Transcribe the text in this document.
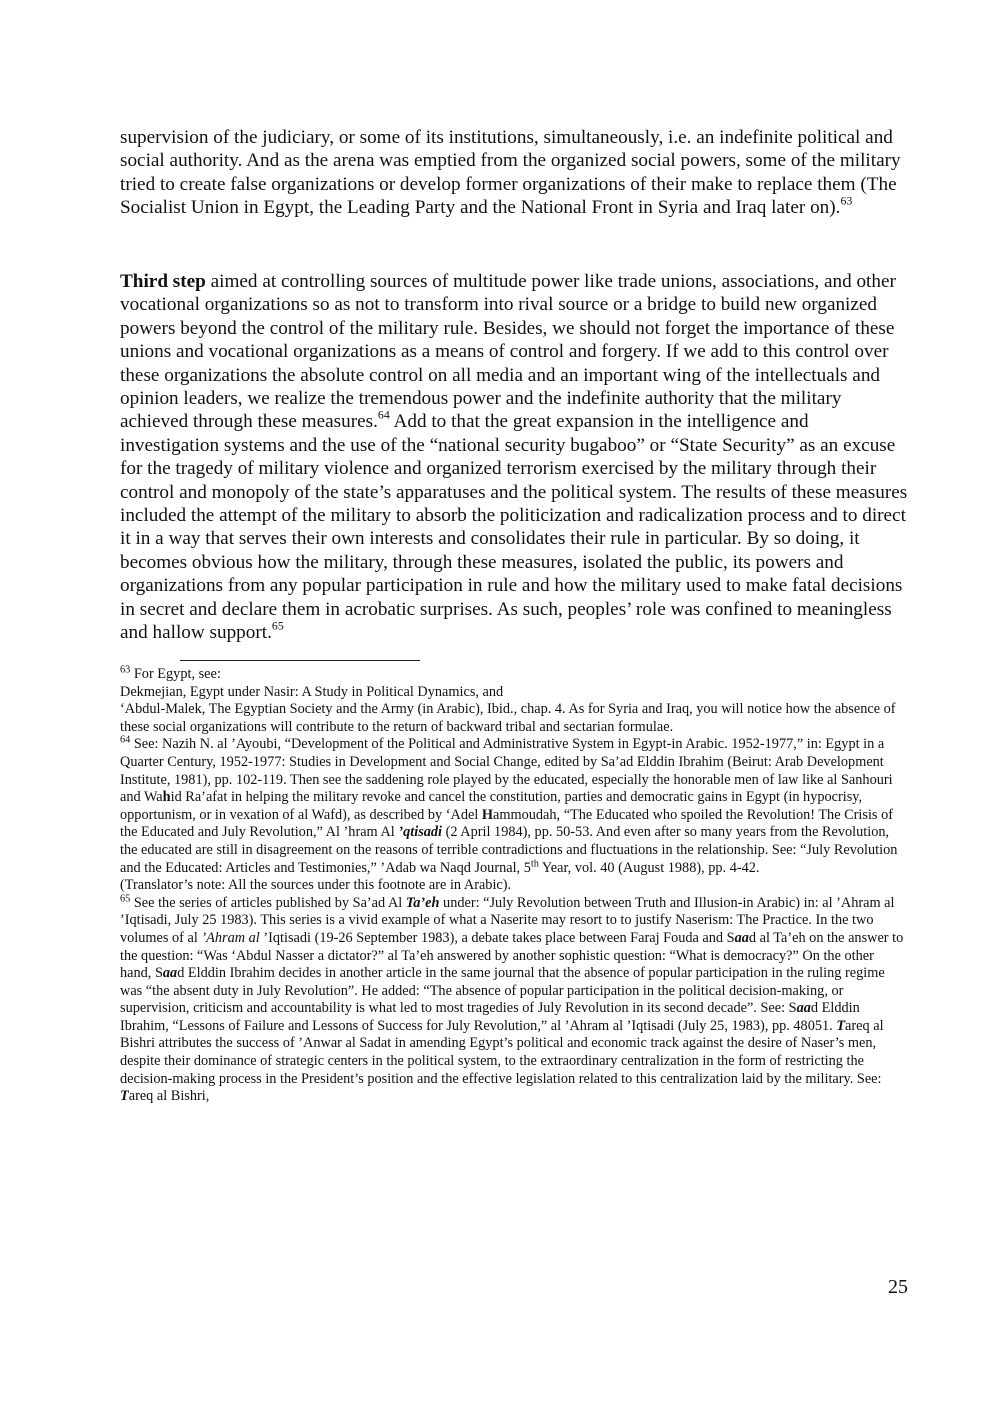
supervision of the judiciary, or some of its institutions, simultaneously, i.e. an indefinite political and social authority. And as the arena was emptied from the organized social powers, some of the military tried to create false organizations or develop former organizations of their make to replace them (The Socialist Union in Egypt, the Leading Party and the National Front in Syria and Iraq later on).$^{63}$

Third step aimed at controlling sources of multitude power like trade unions, associations, and other vocational organizations so as not to transform into rival source or a bridge to build new organized powers beyond the control of the military rule. Besides, we should not forget the importance of these unions and vocational organizations as a means of control and forgery. If we add to this control over these organizations the absolute control on all media and an important wing of the intellectuals and opinion leaders, we realize the tremendous power and the indefinite authority that the military achieved through these measures.$^{64}$ Add to that the great expansion in the intelligence and investigation systems and the use of the “national security bugaboo” or “State Security” as an excuse for the tragedy of military violence and organized terrorism exercised by the military through their control and monopoly of the state’s apparatuses and the political system. The results of these measures included the attempt of the military to absorb the politicization and radicalization process and to direct it in a way that serves their own interests and consolidates their rule in particular. By so doing, it becomes obvious how the military, through these measures, isolated the public, its powers and organizations from any popular participation in rule and how the military used to make fatal decisions in secret and declare them in acrobatic surprises. As such, peoples’ role was confined to meaningless and hallow support.$^{65}$

$^{63}$ For Egypt, see:

Dekmejian, Egypt under Nasir: A Study in Political Dynamics, and

‘Abdul-Malek, The Egyptian Society and the Army (in Arabic), Ibid., chap. 4. As for Syria and Iraq, you will notice how the absence of these social organizations will contribute to the return of backward tribal and sectarian formulae.

$^{64}$ See: Nazih N. al ’Ayoubi, “Development of the Political and Administrative System in Egypt-in Arabic. 1952-1977,” in: Egypt in a Quarter Century, 1952-1977: Studies in Development and Social Change, edited by Sa’ad Elddin Ibrahim (Beirut: Arab Development Institute, 1981), pp. 102-119. Then see the saddening role played by the educated, especially the honorable men of law like al Sanhouri and Wahid Ra’afat in helping the military revoke and cancel the constitution, parties and democratic gains in Egypt (in hypocrisy, opportunism, or in vexation of al Wafd), as described by ‘Adel Hammoudah, “The Educated who spoiled the Revolution! The Crisis of the Educated and July Revolution,” Al ’hram Al ’qtisadi (2 April 1984), pp. 50-53. And even after so many years from the Revolution, the educated are still in disagreement on the reasons of terrible contradictions and fluctuations in the relationship. See: “July Revolution and the Educated: Articles and Testimonies,” ’Adab wa Naqd Journal, 5th Year, vol. 40 (August 1988), pp. 4-42.

(Translator’s note: All the sources under this footnote are in Arabic).

$^{65}$ See the series of articles published by Sa’ad Al Ta’eh under: “July Revolution between Truth and Illusion-in Arabic) in: al ’Ahram al ’Iqtisadi, July 25 1983). This series is a vivid example of what a Naserite may resort to to justify Naserism: The Practice. In the two volumes of al ’Ahram al ’Iqtisadi (19-26 September 1983), a debate takes place between Faraj Fouda and Saad al Ta’eh on the answer to the question: “Was ‘Abdul Nasser a dictator?” al Ta’eh answered by another sophistic question: “What is democracy?” On the other hand, Saad Elddin Ibrahim decides in another article in the same journal that the absence of popular participation in the ruling regime was “the absent duty in July Revolution”. He added: “The absence of popular participation in the political decision-making, or supervision, criticism and accountability is what led to most tragedies of July Revolution in its second decade”. See: Saad Elddin Ibrahim, “Lessons of Failure and Lessons of Success for July Revolution,” al ’Ahram al ’Iqtisadi (July 25, 1983), pp. 48051. Tareq al Bishri attributes the success of ’Anwar al Sadat in amending Egypt’s political and economic track against the desire of Naser’s men, despite their dominance of strategic centers in the political system, to the extraordinary centralization in the form of restricting the decision-making process in the President’s position and the effective legislation related to this centralization laid by the military. See: Tareq al Bishri,

25
